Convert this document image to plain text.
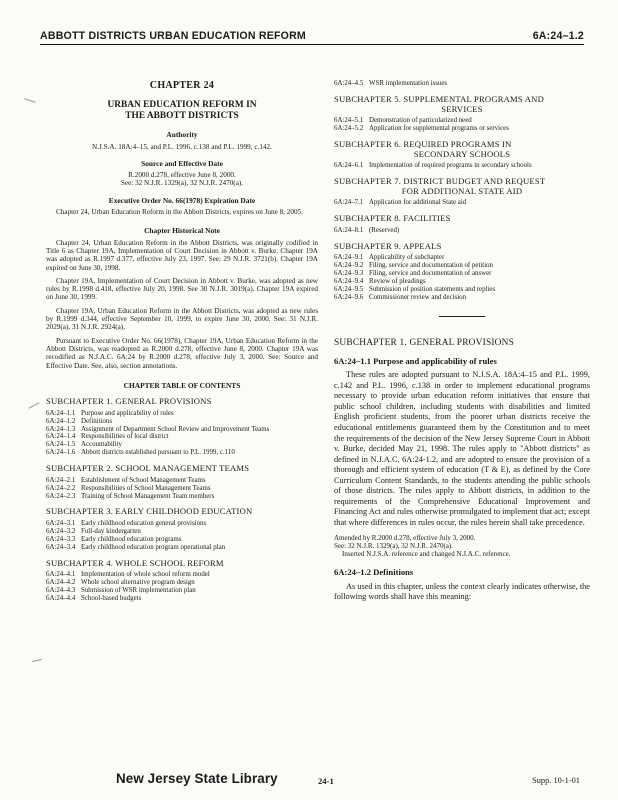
ABBOTT DISTRICTS URBAN EDUCATION REFORM	6A:24–1.2
CHAPTER 24
URBAN EDUCATION REFORM IN
THE ABBOTT DISTRICTS
Authority
N.J.S.A. 18A:4–15, and P.L. 1996, c.138 and P.L. 1999, c.142.
Source and Effective Date
R.2000 d.278, effective June 8, 2000.
See: 32 N.J.R. 1329(a), 32 N.J.R. 2470(a).
Executive Order No. 66(1978) Expiration Date
Chapter 24, Urban Education Reform in the Abbott Districts, expires on June 8, 2005.
Chapter Historical Note
Chapter 24, Urban Education Reform in the Abbott Districts, was originally codified in Title 6 as Chapter 19A, Implementation of Court Decision in Abbott v. Burke. Chapter 19A was adopted as R.1997 d.377, effective July 23, 1997. See: 29 N.J.R. 3721(b). Chapter 19A expired on June 30, 1998.
Chapter 19A, Implementation of Court Decision in Abbott v. Burke, was adopted as new rules by R.1998 d.418, effective July 20, 1998. See 30 N.J.R. 3019(a). Chapter 19A expired on June 30, 1999.
Chapter 19A, Urban Education Reform in the Abbott Districts, was adopted as new rules by R.1999 d.344, effective September 10, 1999, to expire June 30, 2000. See: 31 N.J.R. 2029(a), 31 N.J.R. 2924(a).
Pursuant to Executive Order No. 66(1978), Chapter 19A, Urban Education Reform in the Abbott Districts, was readopted as R.2000 d.278, effective June 8, 2000. Chapter 19A was recodified as N.J.A.C. 6A:24 by R.2000 d.278, effective July 3, 2000. See: Source and Effective Date. See, also, section annotations.
CHAPTER TABLE OF CONTENTS
SUBCHAPTER 1. GENERAL PROVISIONS
6A:24–1.1 Purpose and applicability of rules
6A:24–1.2 Definitions
6A:24–1.3 Assignment of Department School Review and Improvement Teams
6A:24–1.4 Responsibilities of local district
6A:24–1.5 Accountability
6A:24–1.6 Abbott districts established pursuant to P.L. 1999, c.110
SUBCHAPTER 2. SCHOOL MANAGEMENT TEAMS
6A:24–2.1 Establishment of School Management Teams
6A:24–2.2 Responsibilities of School Management Teams
6A:24–2.3 Training of School Management Team members
SUBCHAPTER 3. EARLY CHILDHOOD EDUCATION
6A:24–3.1 Early childhood education general provisions
6A:24–3.2 Full-day kindergarten
6A:24–3.3 Early childhood education programs
6A:24–3.4 Early childhood education program operational plan
SUBCHAPTER 4. WHOLE SCHOOL REFORM
6A:24–4.1 Implementation of whole school reform model
6A:24–4.2 Whole school alternative program design
6A:24–4.3 Submission of WSR implementation plan
6A:24–4.4 School-based budgets
6A:24–4.5 WSR implementation issues
SUBCHAPTER 5. SUPPLEMENTAL PROGRAMS AND
SERVICES
6A:24–5.1 Demonstration of particularized need
6A:24–5.2 Application for supplemental programs or services
SUBCHAPTER 6. REQUIRED PROGRAMS IN
SECONDARY SCHOOLS
6A:24–6.1 Implementation of required programs in secondary schools
SUBCHAPTER 7. DISTRICT BUDGET AND REQUEST
FOR ADDITIONAL STATE AID
6A:24–7.1 Application for additional State aid
SUBCHAPTER 8. FACILITIES
6A:24–8.1 (Reserved)
SUBCHAPTER 9. APPEALS
6A:24–9.1 Applicability of subchapter
6A:24–9.2 Filing, service and documentation of petition
6A:24–9.3 Filing, service and documentation of answer
6A:24–9.4 Review of pleadings
6A:24–9.5 Submission of position statements and replies
6A:24–9.6 Commissioner review and decision
SUBCHAPTER 1. GENERAL PROVISIONS
6A:24–1.1 Purpose and applicability of rules
These rules are adopted pursuant to N.J.S.A. 18A:4–15 and P.L. 1999, c.142 and P.L. 1996, c.138 in order to implement educational programs necessary to provide urban education reform initiatives that ensure that public school children, including students with disabilities and limited English proficient students, from the poorer urban districts receive the educational entitlements guaranteed them by the Constitution and to meet the requirements of the decision of the New Jersey Supreme Court in Abbott v. Burke, decided May 21, 1998. The rules apply to "Abbott districts" as defined in N.J.A.C. 6A:24-1.2, and are adopted to ensure the provision of a thorough and efficient system of education (T & E), as defined by the Core Curriculum Content Standards, to the students attending the public schools of those districts. The rules apply to Abbott districts, in addition to the requirements of the Comprehensive Educational Improvement and Financing Act and rules otherwise promulgated to implement that act; except that where differences in rules occur, the rules herein shall take precedence.
Amended by R.2000 d.278, effective July 3, 2000.
See: 32 N.J.R. 1329(a), 32 N.J.R. 2470(a).
Inserted N.J.S.A. reference and changed N.J.A.C. reference.
6A:24–1.2 Definitions
As used in this chapter, unless the context clearly indicates otherwise, the following words shall have this meaning:
New Jersey State Library	24-1	Supp. 10-1-01
